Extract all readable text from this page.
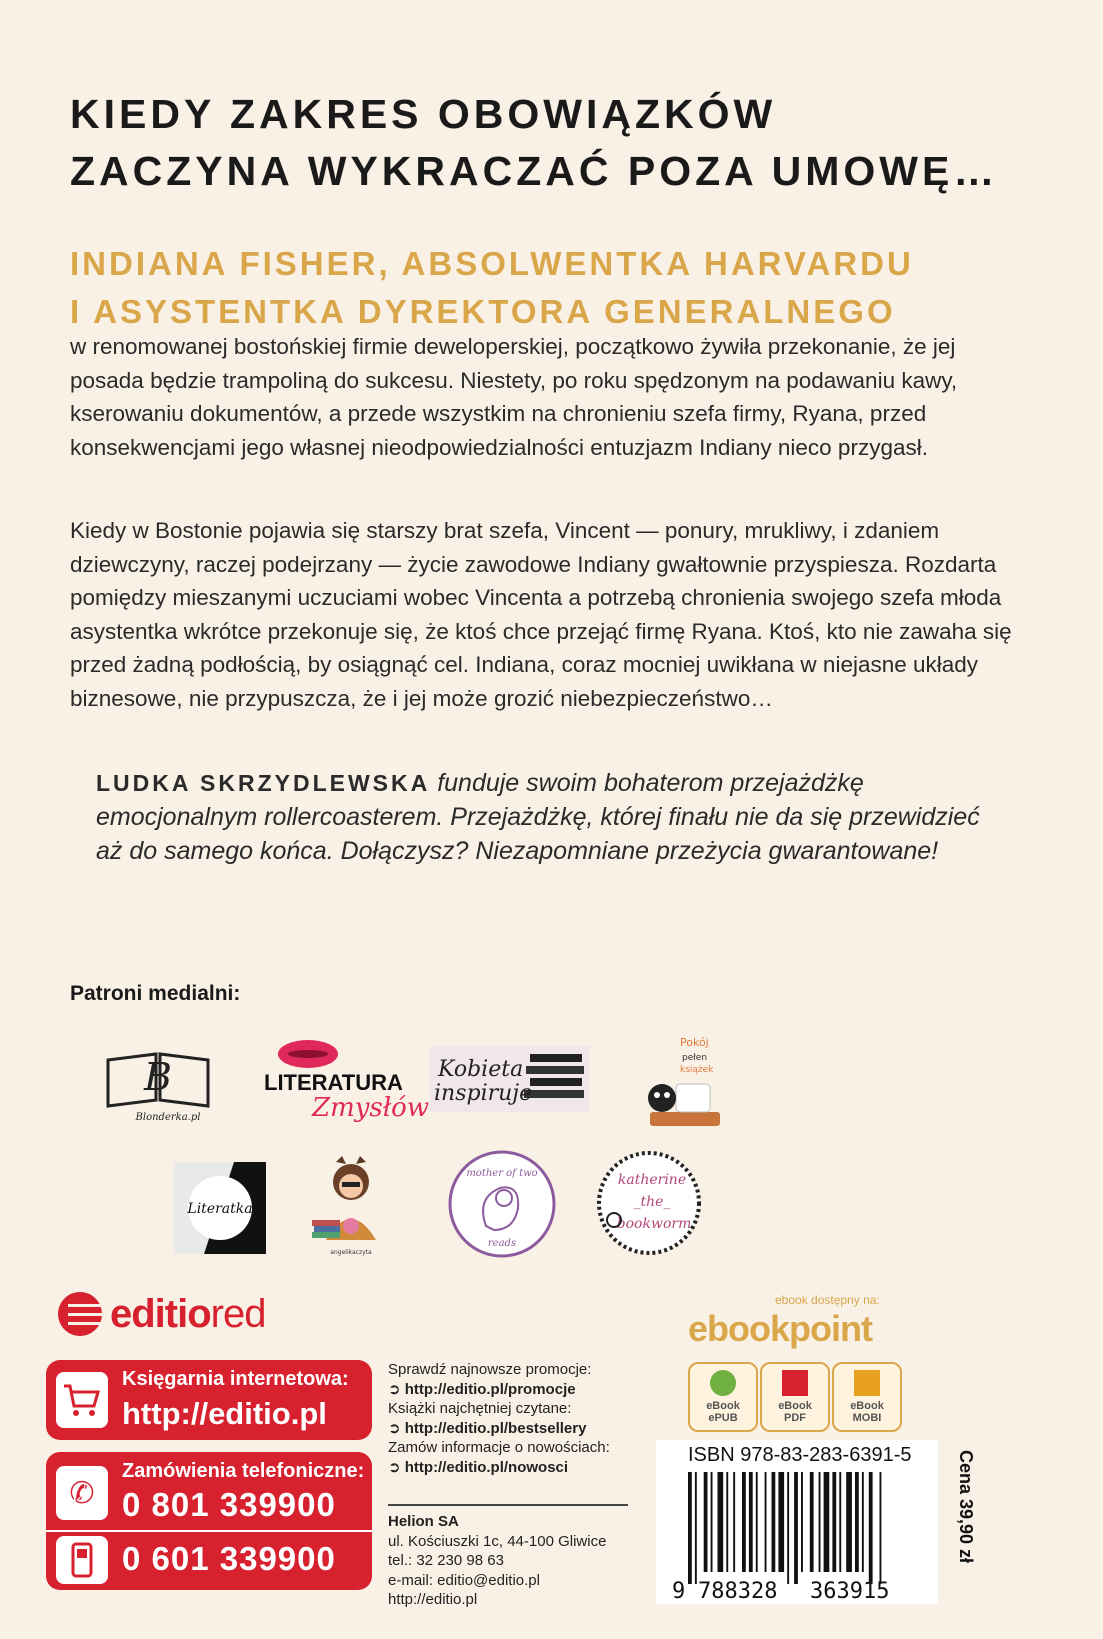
KIEDY ZAKRES OBOWIĄZKÓW
ZACZYNA WYKRACZAĆ POZA UMOWĘ…
INDIANA FISHER, ABSOLWENTKA HARVARDU
I ASYSTENTKA DYREKTORA GENERALNEGO
w renomowanej bostońskiej firmie deweloperskiej, początkowo żywiła przekonanie, że jej posada będzie trampoliną do sukcesu. Niestety, po roku spędzonym na podawaniu kawy, kserowaniu dokumentów, a przede wszystkim na chronieniu szefa firmy, Ryana, przed konsekwencjami jego własnej nieodpowiedzialności entuzjazm Indiany nieco przygasł.
Kiedy w Bostonie pojawia się starszy brat szefa, Vincent — ponury, mrukliwy, i zdaniem dziewczyny, raczej podejrzany — życie zawodowe Indiany gwałtownie przyspiesza. Rozdarta pomiędzy mieszanymi uczuciami wobec Vincenta a potrzebą chronienia swojego szefa młoda asystentka wkrótce przekonuje się, że ktoś chce przejąć firmę Ryana. Ktoś, kto nie zawaha się przed żadną podłością, by osiągnąć cel. Indiana, coraz mocniej uwikłana w niejasne układy biznesowe, nie przypuszcza, że i jej może grozić niebezpieczeństwo…
LUDKA SKRZYDLEWSKA funduje swoim bohaterom przejażdżkę emocjonalnym rollercoasterem. Przejażdżkę, której finału nie da się przewidzieć aż do samego końca. Dołączysz? Niezapomniane przeżycia gwarantowane!
Patroni medialni:
B
Blonderka.pl
LITERATURA
Zmysłów
Kobieta
inspiruje
Pokój
pełen
książek
Literatka
angelikaczyta
mother of two
reads
katherine
_the_
bookworm
editiored
Księgarnia internetowa:
http://editio.pl
✆
Zamówienia telefoniczne:
0 801 339900
0 601 339900
Sprawdź najnowsze promocje:
➲ http://editio.pl/promocje
Książki najchętniej czytane:
➲ http://editio.pl/bestsellery
Zamów informacje o nowościach:
➲ http://editio.pl/nowosci
Helion SA
ul. Kościuszki 1c, 44-100 Gliwice
tel.: 32 230 98 63
e-mail: editio@editio.pl
http://editio.pl
ebook dostępny na:
ebookpoint
eBook
ePUB
eBook
PDF
eBook
MOBI
ISBN 978-83-283-6391-5
9 788328 363915
Cena 39,90 zł
